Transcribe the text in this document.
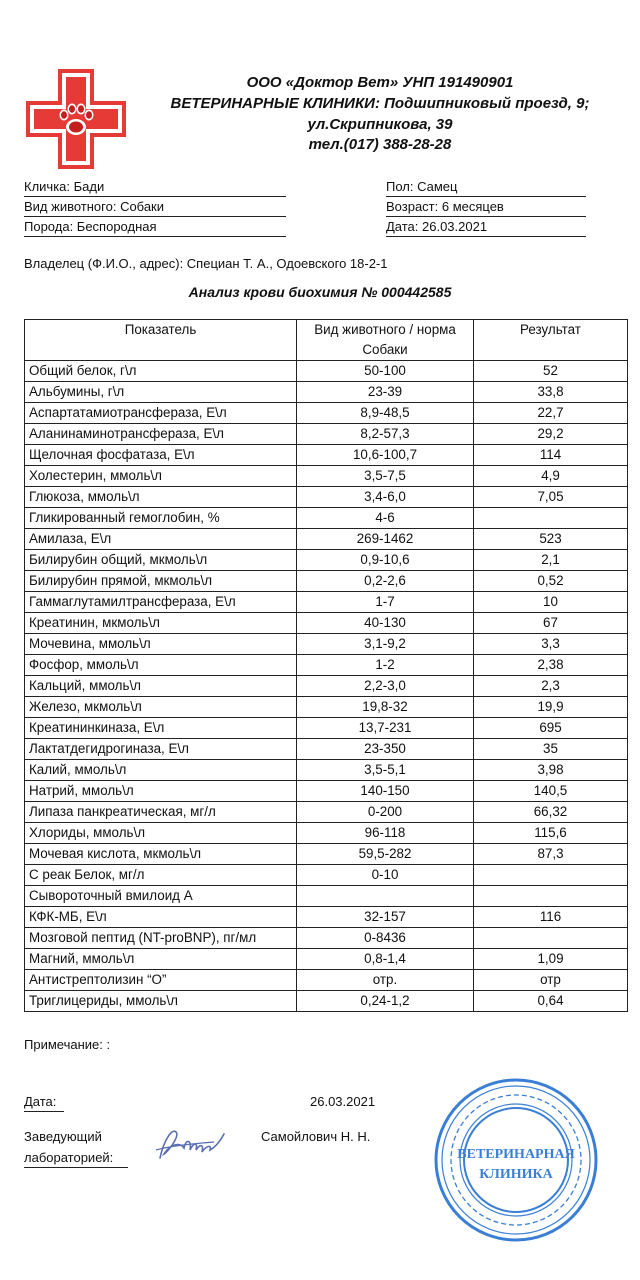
ООО «Доктор Вет» УНП 191490901
ВЕТЕРИНАРНЫЕ КЛИНИКИ: Подшипниковый проезд, 9;
ул.Скрипникова, 39
тел.(017) 388-28-28
Кличка: Бади
Вид животного: Собаки
Порода: Беспородная
Пол: Самец
Возраст: 6 месяцев
Дата: 26.03.2021
Владелец (Ф.И.О., адрес): Специан Т. А., Одоевского 18-2-1
Анализ крови биохимия № 000442585
Показатель	Вид животного / норма	Результат
	Собаки	
Общий белок, г\л	50-100	52
Альбумины, г\л	23-39	33,8
Аспартатамиотрансфераза, Е\л	8,9-48,5	22,7
Аланинаминотрансфераза, Е\л	8,2-57,3	29,2
Щелочная фосфатаза, Е\л	10,6-100,7	114
Холестерин, ммоль\л	3,5-7,5	4,9
Глюкоза, ммоль\л	3,4-6,0	7,05
Гликированный гемоглобин, %	4-6	
Амилаза, Е\л	269-1462	523
Билирубин общий, мкмоль\л	0,9-10,6	2,1
Билирубин прямой, мкмоль\л	0,2-2,6	0,52
Гаммаглутамилтрансфераза, Е\л	1-7	10
Креатинин, мкмоль\л	40-130	67
Мочевина, ммоль\л	3,1-9,2	3,3
Фосфор, ммоль\л	1-2	2,38
Кальций, ммоль\л	2,2-3,0	2,3
Железо, мкмоль\л	19,8-32	19,9
Креатининкиназа, Е\л	13,7-231	695
Лактатдегидрогиназа, Е\л	23-350	35
Калий, ммоль\л	3,5-5,1	3,98
Натрий, ммоль\л	140-150	140,5
Липаза панкреатическая, мг/л	0-200	66,32
Хлориды, ммоль\л	96-118	115,6
Мочевая кислота, мкмоль\л	59,5-282	87,3
С реак Белок, мг/л	0-10	
Сывороточный вмилоид А		
КФК-МБ, Е\л	32-157	116
Мозговой пептид (NT-proBNP), пг/мл	0-8436	
Магний, ммоль\л	0,8-1,4	1,09
Антистрептолизин “О”	отр.	отр
Триглицериды, ммоль\л	0,24-1,2	0,64
Примечание: :
Дата:	26.03.2021
Заведующий
лабораторией:
Самойлович Н. Н.
ВЕТЕРИНАРНАЯ
КЛИНИКА
